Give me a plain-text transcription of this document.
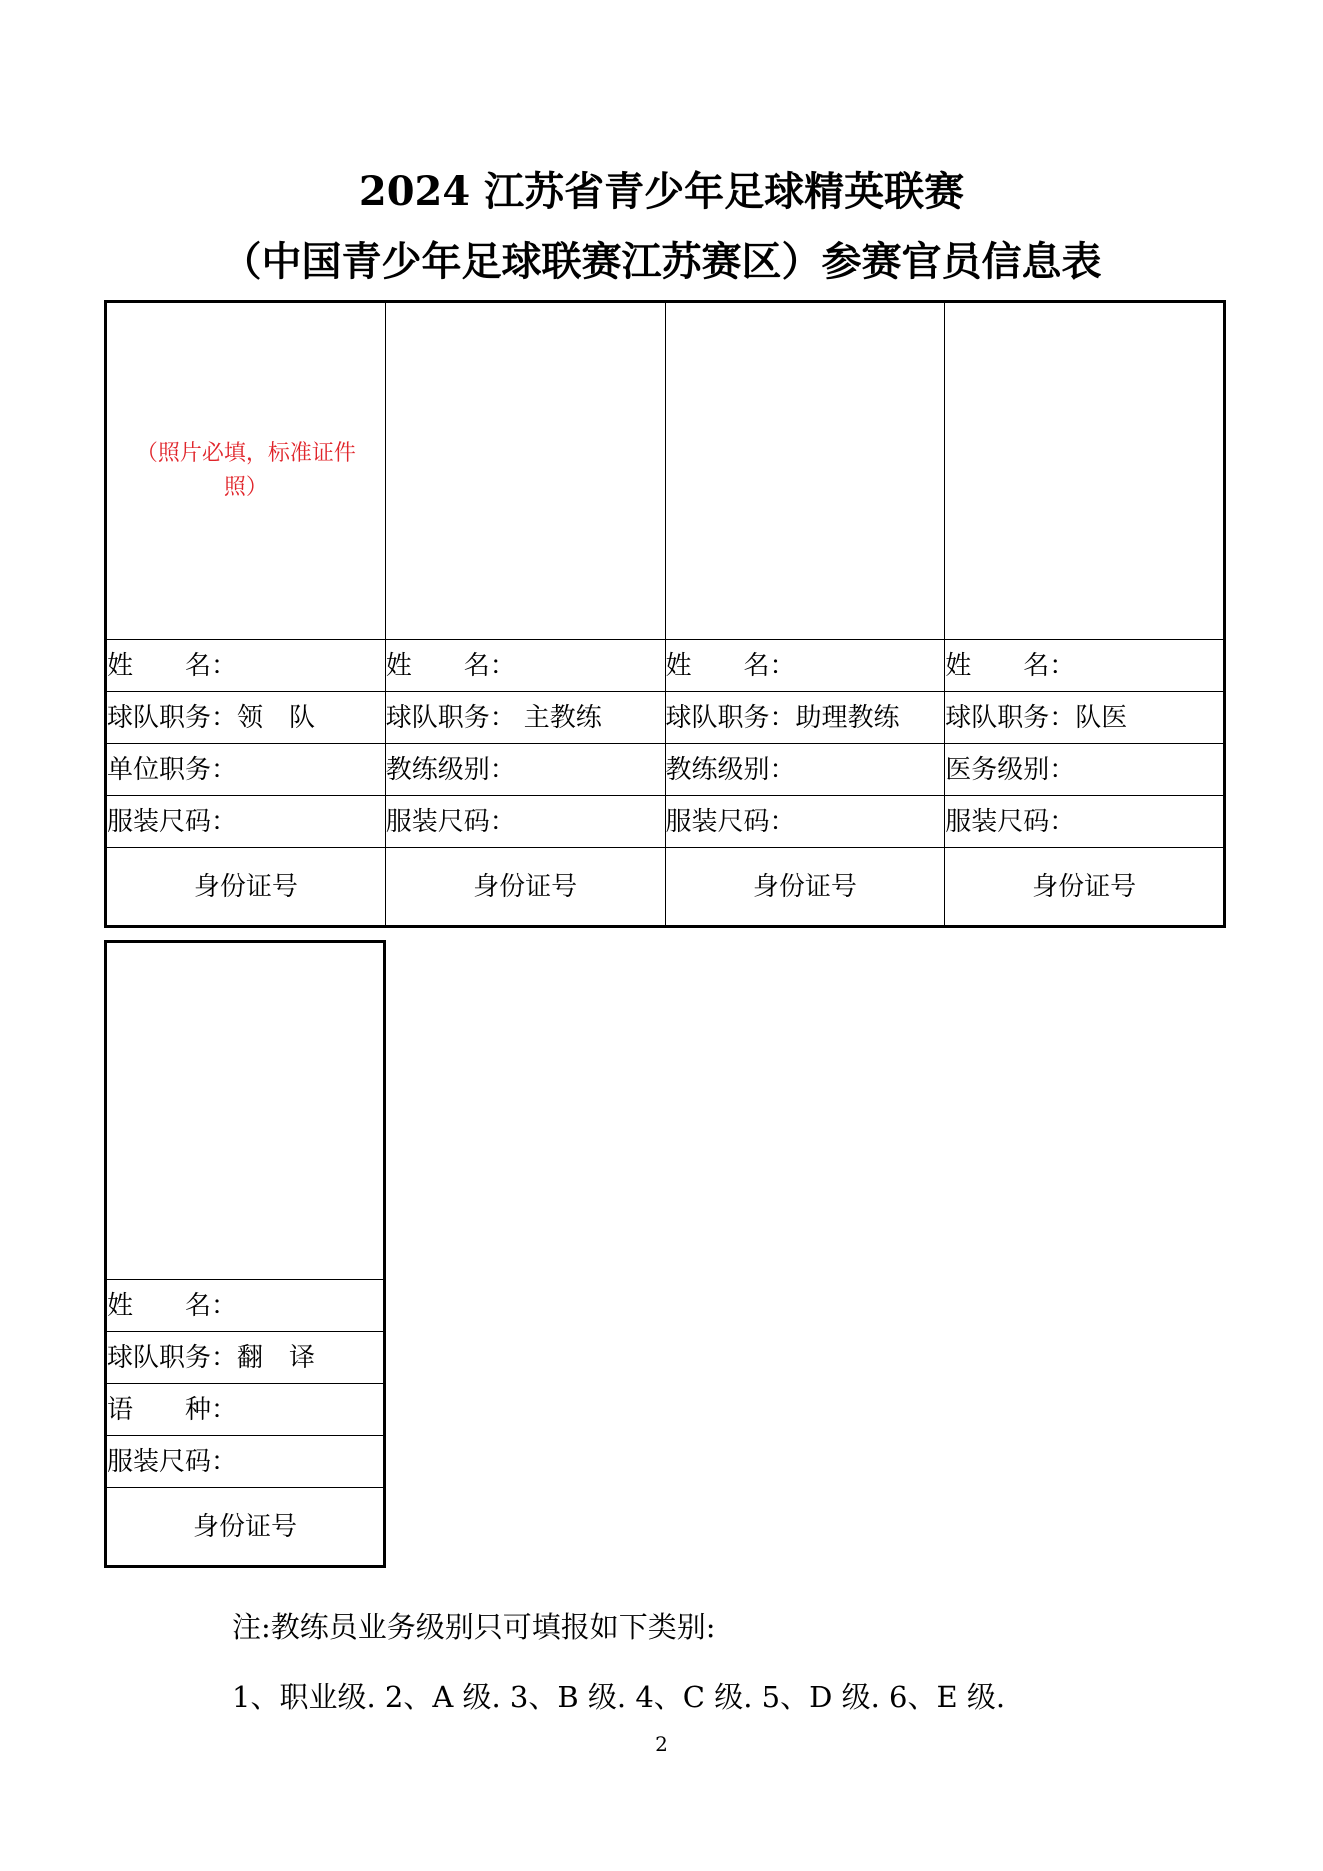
2024 江苏省青少年足球精英联赛
（中国青少年足球联赛江苏赛区）参赛官员信息表
（照片必填，标准证件照）			

姓　　名：	姓　　名：	姓　　名：	姓　　名：
球队职务：领　队	球队职务： 主教练	球队职务：助理教练	球队职务：队医
单位职务：	教练级别：	教练级别：	医务级别：
服装尺码：	服装尺码：	服装尺码：	服装尺码：
身份证号	身份证号	身份证号	身份证号

姓　　名：
球队职务：翻　译
语　　种：
服装尺码：
身份证号
注:教练员业务级别只可填报如下类别:
1、职业级. 2、A 级. 3、B 级. 4、C 级. 5、D 级. 6、E 级.
2
